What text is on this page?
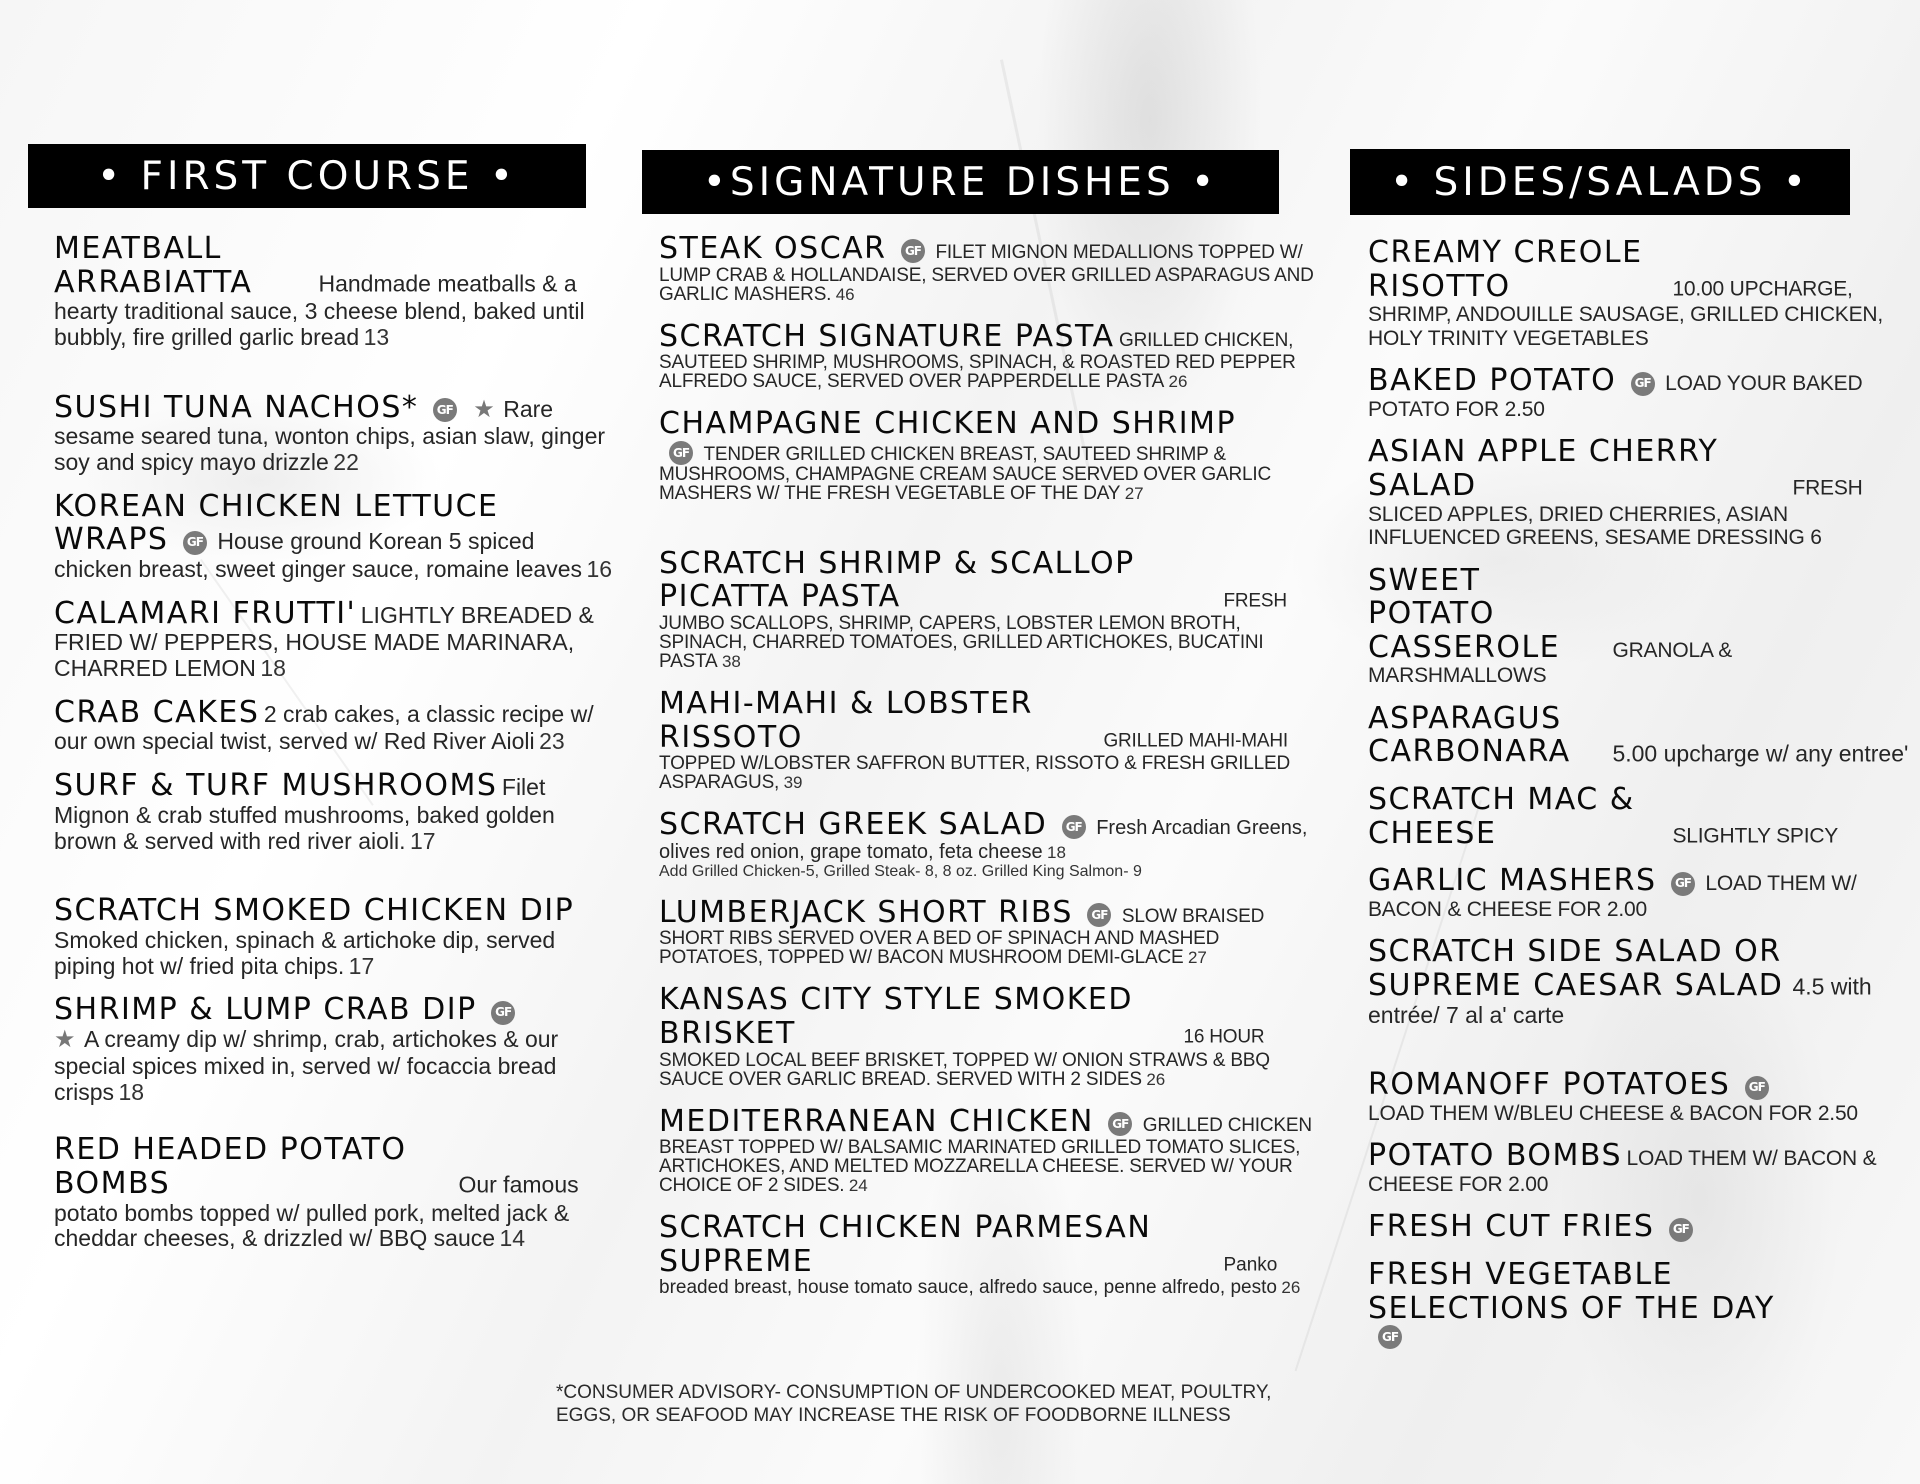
• FIRST COURSE •
MEATBALL ARRABIATTA	Handmade meatballs & a hearty traditional sauce, 3 cheese blend, baked until bubbly, fire grilled garlic bread 13
SUSHI TUNA NACHOS* GF ★ Rare sesame seared tuna, wonton chips, asian slaw, ginger soy and spicy mayo drizzle 22
KOREAN CHICKEN LETTUCE WRAPS GF House ground Korean 5 spiced chicken breast, sweet ginger sauce, romaine leaves 16
CALAMARI FRUTTI' LIGHTLY BREADED & FRIED W/ PEPPERS, HOUSE MADE MARINARA, CHARRED LEMON 18
CRAB CAKES 2 crab cakes, a classic recipe w/ our own special twist, served w/ Red River Aioli 23
SURF & TURF MUSHROOMS Filet Mignon & crab stuffed mushrooms, baked golden brown & served with red river aioli. 17
SCRATCH SMOKED CHICKEN DIP Smoked chicken, spinach & artichoke dip, served piping hot w/ fried pita chips. 17
SHRIMP & LUMP CRAB DIP GF
★ A creamy dip w/ shrimp, crab, artichokes & our special spices mixed in, served w/ focaccia bread crisps 18
RED HEADED POTATO BOMBS	Our famous potato bombs topped w/ pulled pork, melted jack & cheddar cheeses, & drizzled w/ BBQ sauce 14
•SIGNATURE DISHES •
STEAK OSCAR GF FILET MIGNON MEDALLIONS TOPPED W/ LUMP CRAB & HOLLANDAISE, SERVED OVER GRILLED ASPARAGUS AND GARLIC MASHERS. 46
SCRATCH SIGNATURE PASTA GRILLED CHICKEN, SAUTEED SHRIMP, MUSHROOMS, SPINACH, & ROASTED RED PEPPER ALFREDO SAUCE, SERVED OVER PAPPERDELLE PASTA 26
CHAMPAGNE CHICKEN AND SHRIMP
GF TENDER GRILLED CHICKEN BREAST, SAUTEED SHRIMP & MUSHROOMS, CHAMPAGNE CREAM SAUCE SERVED OVER GARLIC MASHERS W/ THE FRESH VEGETABLE OF THE DAY 27
SCRATCH SHRIMP & SCALLOP PICATTA PASTA	FRESH JUMBO SCALLOPS, SHRIMP, CAPERS, LOBSTER LEMON BROTH, SPINACH, CHARRED TOMATOES, GRILLED ARTICHOKES, BUCATINI PASTA 38
MAHI-MAHI & LOBSTER RISSOTO	GRILLED MAHI-MAHI TOPPED W/LOBSTER SAFFRON BUTTER, RISSOTO & FRESH GRILLED ASPARAGUS, 39
SCRATCH GREEK SALAD GF Fresh Arcadian Greens, olives red onion, grape tomato, feta cheese 18
Add Grilled Chicken-5, Grilled Steak- 8, 8 oz. Grilled King Salmon- 9
LUMBERJACK SHORT RIBS GF SLOW BRAISED SHORT RIBS SERVED OVER A BED OF SPINACH AND MASHED POTATOES, TOPPED W/ BACON MUSHROOM DEMI-GLACE 27
KANSAS CITY STYLE SMOKED BRISKET	16 HOUR SMOKED LOCAL BEEF BRISKET, TOPPED W/ ONION STRAWS & BBQ SAUCE OVER GARLIC BREAD. SERVED WITH 2 SIDES 26
MEDITERRANEAN CHICKEN GF GRILLED CHICKEN BREAST TOPPED W/ BALSAMIC MARINATED GRILLED TOMATO SLICES, ARTICHOKES, AND MELTED MOZZARELLA CHEESE. SERVED W/ YOUR CHOICE OF 2 SIDES. 24
SCRATCH CHICKEN PARMESAN SUPREME	Panko breaded breast, house tomato sauce, alfredo sauce, penne alfredo, pesto 26
• SIDES/SALADS •
CREAMY CREOLE RISOTTO	10.00 UPCHARGE, SHRIMP, ANDOUILLE SAUSAGE, GRILLED CHICKEN, HOLY TRINITY VEGETABLES
BAKED POTATO GF LOAD YOUR BAKED POTATO FOR 2.50
ASIAN APPLE CHERRY SALAD	FRESH SLICED APPLES, DRIED CHERRIES, ASIAN INFLUENCED GREENS, SESAME DRESSING 6
SWEET POTATO CASSEROLE GRANOLA & MARSHMALLOWS
ASPARAGUS CARBONARA 5.00 upcharge w/ any entree'
SCRATCH MAC & CHEESE	SLIGHTLY SPICY
GARLIC MASHERS GF LOAD THEM W/ BACON & CHEESE FOR 2.00
SCRATCH SIDE SALAD OR SUPREME CAESAR SALAD 4.5 with entrée/ 7 al a' carte
ROMANOFF POTATOES GF
LOAD THEM W/BLEU CHEESE & BACON FOR 2.50
POTATO BOMBS LOAD THEM W/ BACON & CHEESE FOR 2.00
FRESH CUT FRIES GF
FRESH VEGETABLE SELECTIONS OF THE DAY GF
*CONSUMER ADVISORY- CONSUMPTION OF UNDERCOOKED MEAT, POULTRY, EGGS, OR SEAFOOD MAY INCREASE THE RISK OF FOODBORNE ILLNESS
